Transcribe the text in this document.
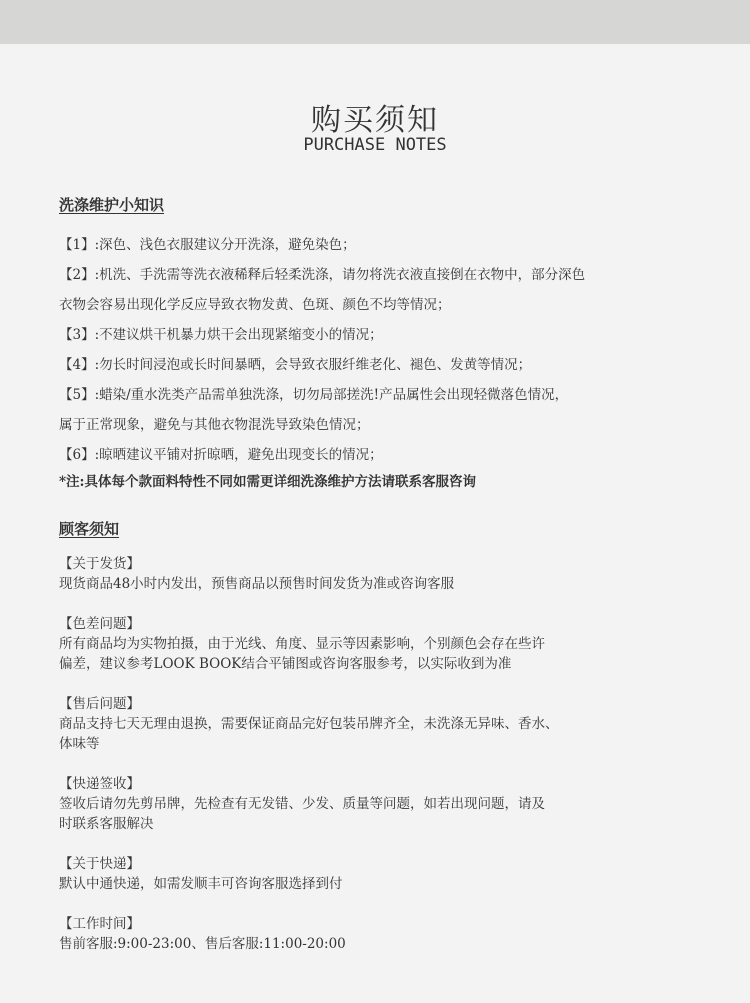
购买须知
PURCHASE NOTES
洗涤维护小知识
【1】:深色、浅色衣服建议分开洗涤，避免染色；
【2】:机洗、手洗需等洗衣液稀释后轻柔洗涤，请勿将洗衣液直接倒在衣物中，部分深色
衣物会容易出现化学反应导致衣物发黄、色斑、颜色不均等情况；
【3】:不建议烘干机暴力烘干会出现紧缩变小的情况；
【4】:勿长时间浸泡或长时间暴晒，会导致衣服纤维老化、褪色、发黄等情况；
【5】:蜡染/重水洗类产品需单独洗涤，切勿局部搓洗!产品属性会出现轻微落色情况，
属于正常现象，避免与其他衣物混洗导致染色情况；
【6】:晾晒建议平铺对折晾晒，避免出现变长的情况；
*注:具体每个款面料特性不同如需更详细洗涤维护方法请联系客服咨询
顾客须知
【关于发货】
现货商品48小时内发出，预售商品以预售时间发货为准或咨询客服
【色差问题】
所有商品均为实物拍摄，由于光线、角度、显示等因素影响，个别颜色会存在些许
偏差，建议参考LOOK BOOK结合平铺图或咨询客服参考，以实际收到为准
【售后问题】
商品支持七天无理由退换，需要保证商品完好包装吊牌齐全，未洗涤无异味、香水、
体味等
【快递签收】
签收后请勿先剪吊牌，先检查有无发错、少发、质量等问题，如若出现问题，请及
时联系客服解决
【关于快递】
默认中通快递，如需发顺丰可咨询客服选择到付
【工作时间】
售前客服:9:00-23:00、售后客服:11:00-20:00
